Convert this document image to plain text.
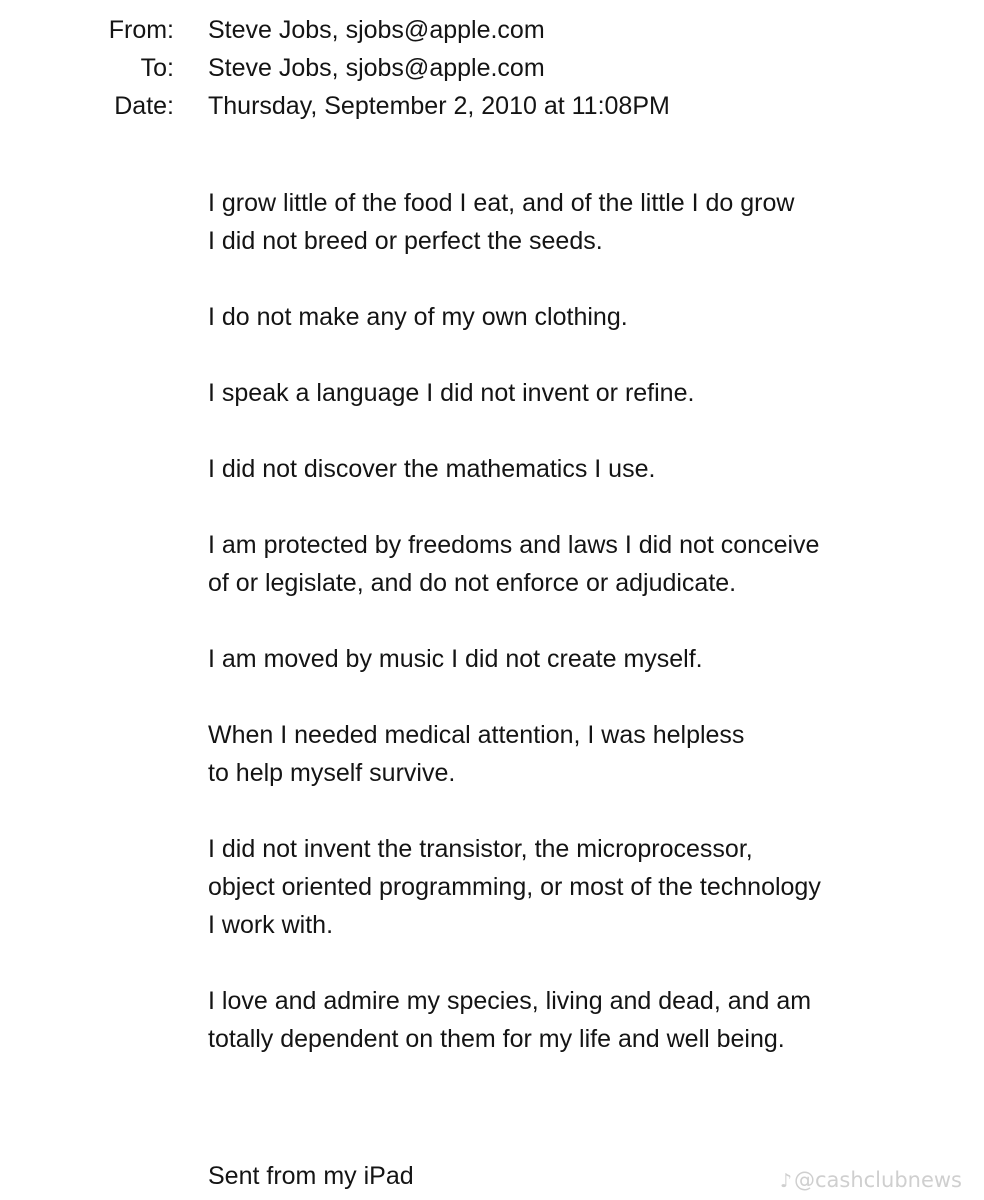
From: Steve Jobs, sjobs@apple.com
To: Steve Jobs, sjobs@apple.com
Date: Thursday, September 2, 2010 at 11:08PM
I grow little of the food I eat, and of the little I do grow
I did not breed or perfect the seeds.
I do not make any of my own clothing.
I speak a language I did not invent or refine.
I did not discover the mathematics I use.
I am protected by freedoms and laws I did not conceive
of or legislate, and do not enforce or adjudicate.
I am moved by music I did not create myself.
When I needed medical attention, I was helpless
to help myself survive.
I did not invent the transistor, the microprocessor,
object oriented programming, or most of the technology
I work with.
I love and admire my species, living and dead, and am
totally dependent on them for my life and well being.
Sent from my iPad	♪@cashclubnews
